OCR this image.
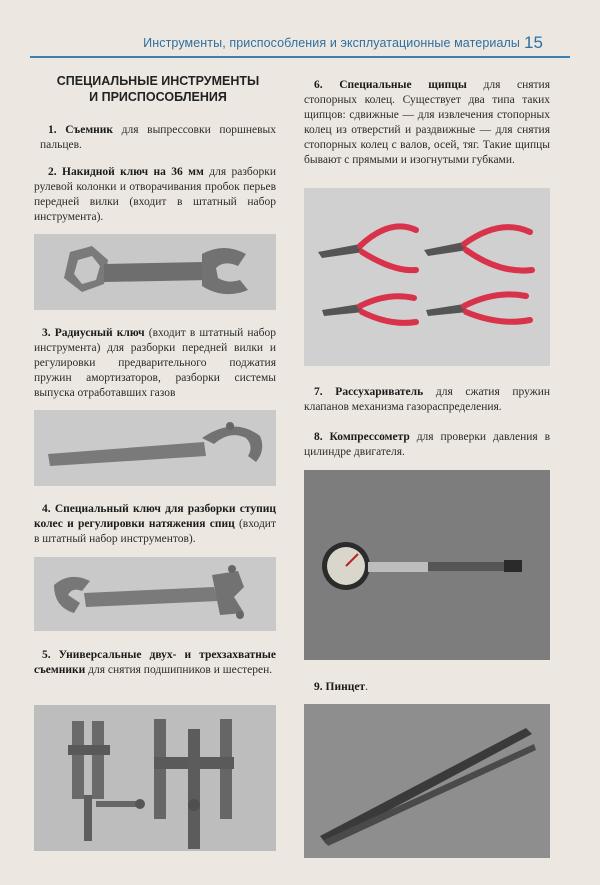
Инструменты, приспособления и эксплуатационные материалы 15
СПЕЦИАЛЬНЫЕ ИНСТРУМЕНТЫ
И ПРИСПОСОБЛЕНИЯ

1. Съемник для выпрессовки поршневых пальцев.

2. Накидной ключ на 36 мм для разборки рулевой колонки и отворачивания пробок перьев передней вилки (входит в штатный набор инструмента).

3. Радиусный ключ (входит в штатный набор инструмента) для разборки передней вилки и регулировки предварительного поджатия пружин амортизаторов, разборки системы выпуска отработавших газов

4. Специальный ключ для разборки ступиц колес и регулировки натяжения спиц (входит в штатный набор инструментов).

5. Универсальные двух- и трехзахватные съемники для снятия подшипников и шестерен.

6. Специальные щипцы для снятия стопорных колец. Существует два типа таких щипцов: сдвижные — для извлечения стопорных колец из отверстий и раздвижные — для снятия стопорных колец с валов, осей, тяг. Такие щипцы бывают с прямыми и изогнутыми губками.

7. Рассухариватель для сжатия пружин клапанов механизма газораспределения.

8. Компрессометр для проверки давления в цилиндре двигателя.

9. Пинцет.
